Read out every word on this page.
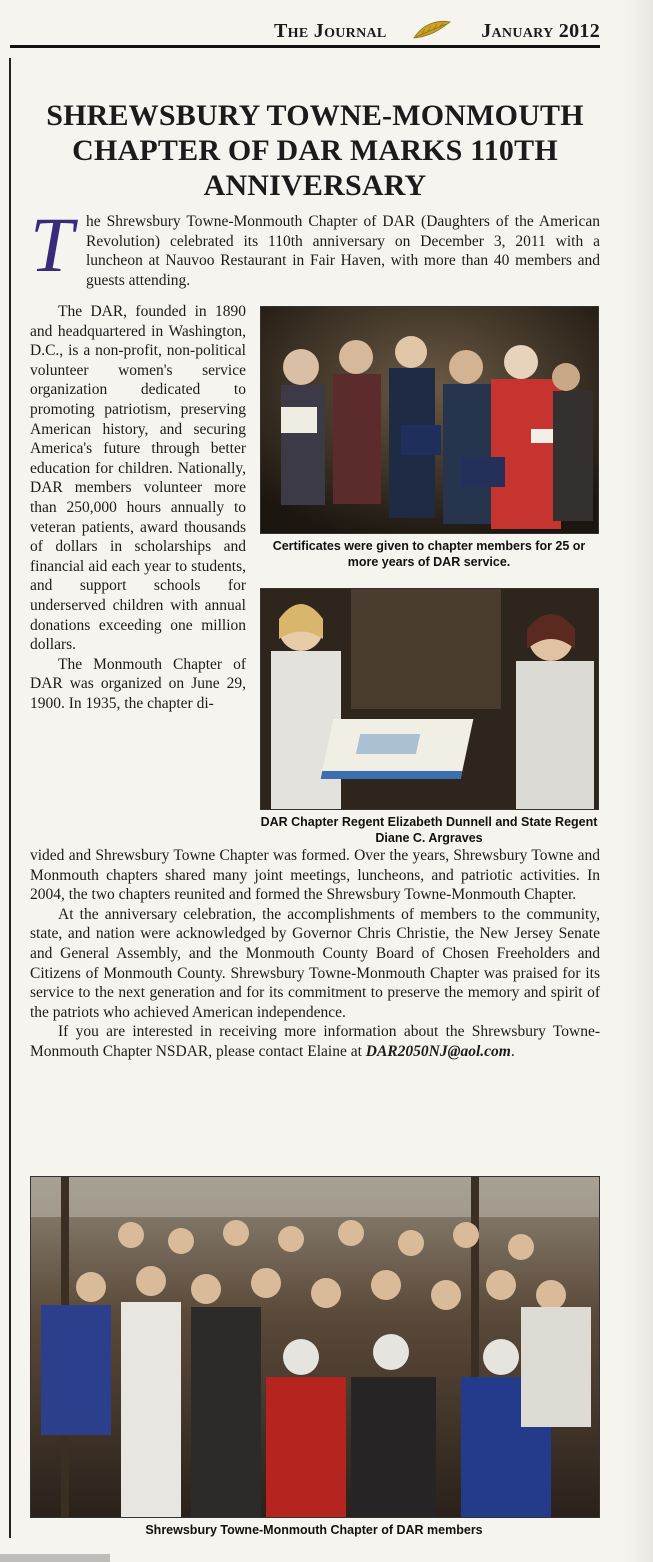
The Journal	January 2012
SHREWSBURY TOWNE-MONMOUTH CHAPTER OF DAR MARKS 110TH ANNIVERSARY
T he Shrewsbury Towne-Monmouth Chapter of DAR (Daughters of the American Revolution) celebrated its 110th anniversary on December 3, 2011 with a luncheon at Nauvoo Restaurant in Fair Haven, with more than 40 members and guests attending.

The DAR, founded in 1890 and headquartered in Washington, D.C., is a non-profit, non-political volunteer women's service organization dedicated to promoting patriotism, preserving American history, and securing America's future through better education for children. Nationally, DAR members volunteer more than 250,000 hours annually to veteran patients, award thousands of dollars in scholarships and financial aid each year to students, and support schools for underserved children with annual donations exceeding one million dollars.

The Monmouth Chapter of DAR was organized on June 29, 1900. In 1935, the chapter di-

Certificates were given to chapter members for 25 or more years of DAR service.
DAR Chapter Regent Elizabeth Dunnell and State Regent Diane C. Argraves

vided and Shrewsbury Towne Chapter was formed. Over the years, Shrewsbury Towne and Monmouth chapters shared many joint meetings, luncheons, and patriotic activities. In 2004, the two chapters reunited and formed the Shrewsbury Towne-Monmouth Chapter.

At the anniversary celebration, the accomplishments of members to the community, state, and nation were acknowledged by Governor Chris Christie, the New Jersey Senate and General Assembly, and the Monmouth County Board of Chosen Freeholders and Citizens of Monmouth County. Shrewsbury Towne-Monmouth Chapter was praised for its service to the next generation and for its commitment to preserve the memory and spirit of the patriots who achieved American independence.

If you are interested in receiving more information about the Shrewsbury Towne-Monmouth Chapter NSDAR, please contact Elaine at DAR2050NJ@aol.com.

Shrewsbury Towne-Monmouth Chapter of DAR members
